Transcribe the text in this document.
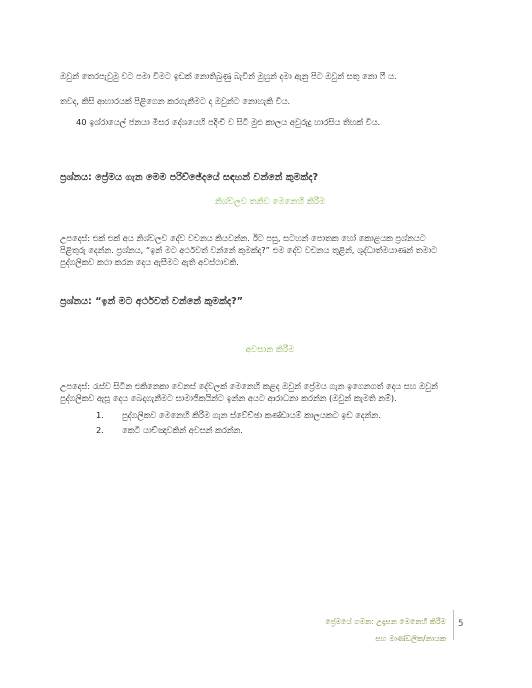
ඔවුන් තෙරපැවුමු වට පමා වීමට ඉඩක් නොතිබුණු බැවින් මුහුන් දමා ඇනු පිට ඔවුන් සතු නො ෆී ය.

තවද, කිසි ආහාරයක් පිළිගෙන කරගැනීමට ද ඔවුන්ට නොහැකි විය.

40 ඉශ්රායෙල් ජනයා මිසර දේශයෙහි පදිංචි ව සිටි මුළු කාලය අවුරුදු හාරසිය තිහක් විය.

ප්‍රශ්නය: ප්‍රේමය ගැන මෙම පරිච්ඡේදයේ සඳහන් වන්නේ කුමක්ද?

නිශ්චලව තනිව මෙනෙහි කිරීම

උපදෙස්: එක් එක් අය නිශ්චලව දේව වචනය කියවන්න. ඊට පසු, සටහන් පොතක හෝ කොළයක ප්‍රශ්නයට

පිළිතුරු දෙන්න. ප්‍රශ්නය, “ඉන් මට අර්ථවත් වන්නේ කුමක්ද?” එම දේව වචනය තුළින්, ශුද්ධාත්මයාණන් තමාට

පුද්ගලිකව කථා කරන දෙය ඇසීමට ඇති අවස්ථාවකි.

ප්‍රශ්නය: “ඉන් මට අර්ථවත් වන්නේ කුමක්ද?”

අවසාන කිරීම

උපදෙස්: රැස්ව සිටින එකිනෙකා වෙනස් දේවලක් මෙනෙහි කළද ඔවුන් ප්‍රේමය ගැන ඉගෙනගත් දෙය සහ ඔවුන්

පුද්ගලිකව ඇසූ දෙය බෙදාගැනීමට සාමාජිකයින්ට ඉන්න අයට ආරාධනා කරන්න (ඔවුන් කැමති නම්).

1. පුද්ගලිකව මෙනෙහි කිරීම ගැන ස්වේච්ඡා කණ්ඩායම් කාලයකට ඉඩ දෙන්න.

2. කෙටි යාච්ඤාවකින් අවසන් කරන්න.

ප්‍රේමයේ ගමන: උදෑසන මෙනෙහි කිරීම
සහ මාණ්ඩලික/නායක
5
